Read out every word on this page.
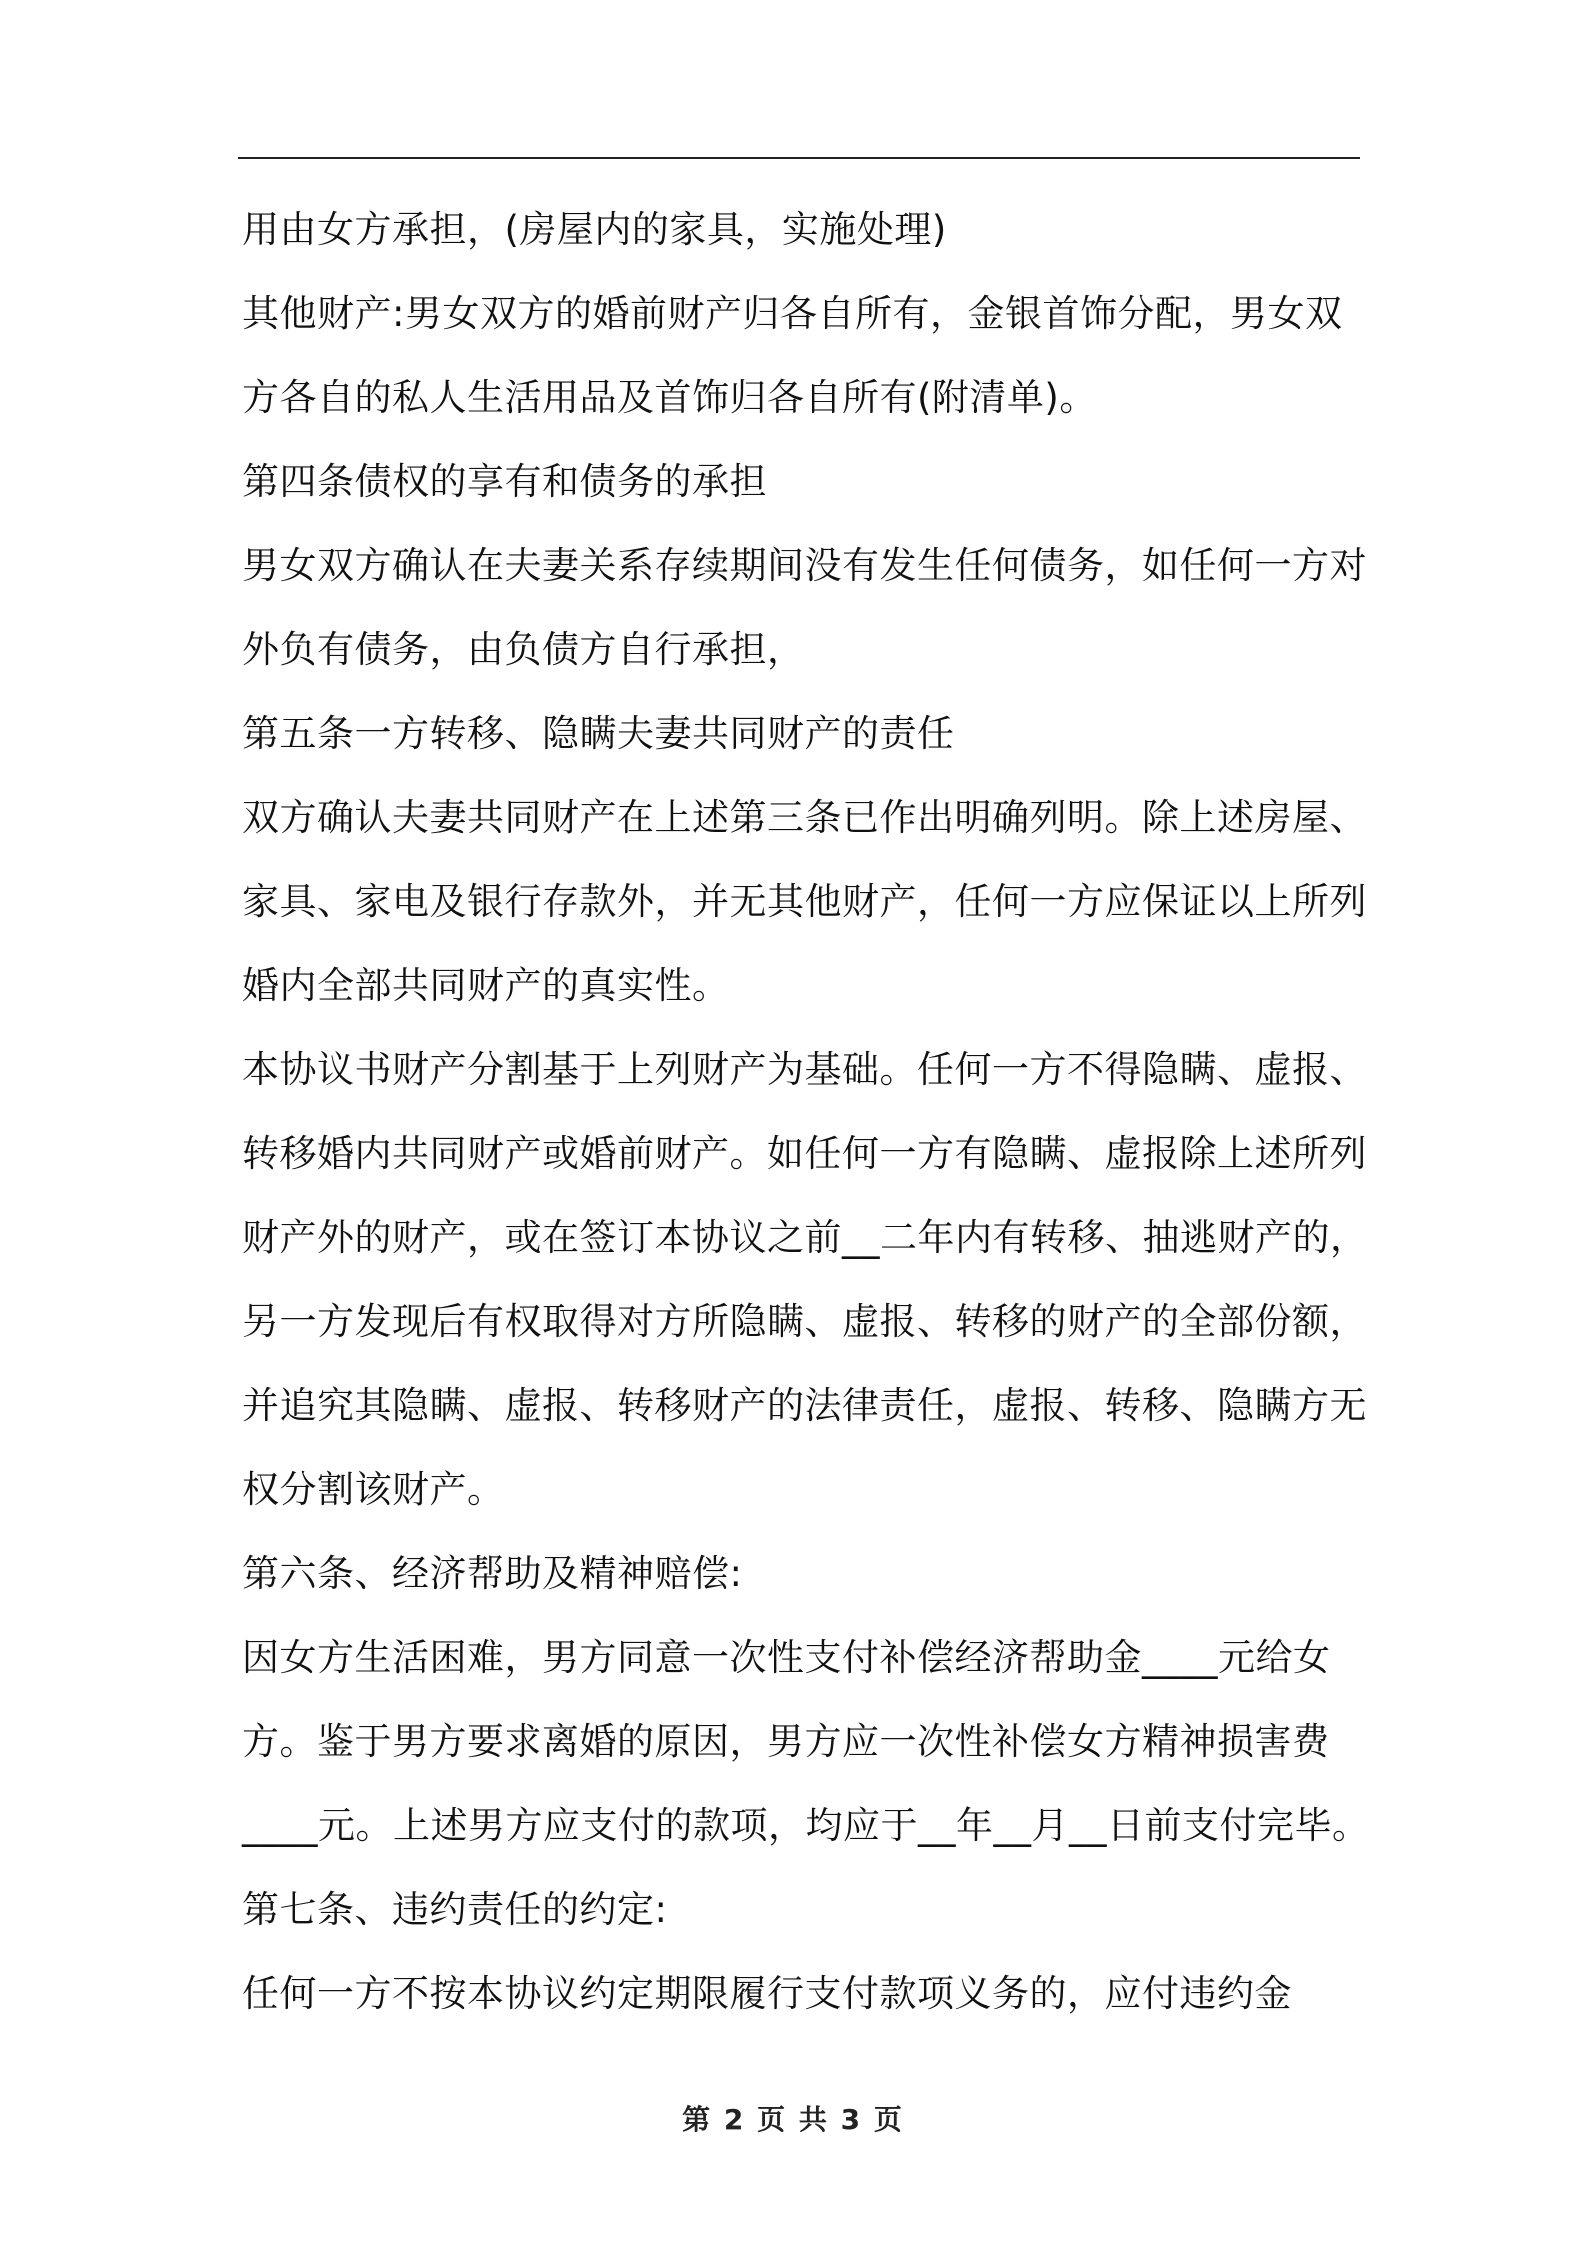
用由女方承担，(房屋内的家具，实施处理)
其他财产:男女双方的婚前财产归各自所有，金银首饰分配，男女双
方各自的私人生活用品及首饰归各自所有(附清单)。
第四条债权的享有和债务的承担
男女双方确认在夫妻关系存续期间没有发生任何债务，如任何一方对
外负有债务，由负债方自行承担，
第五条一方转移、隐瞒夫妻共同财产的责任
双方确认夫妻共同财产在上述第三条已作出明确列明。除上述房屋、
家具、家电及银行存款外，并无其他财产，任何一方应保证以上所列
婚内全部共同财产的真实性。
本协议书财产分割基于上列财产为基础。任何一方不得隐瞒、虚报、
转移婚内共同财产或婚前财产。如任何一方有隐瞒、虚报除上述所列
财产外的财产，或在签订本协议之前__二年内有转移、抽逃财产的，
另一方发现后有权取得对方所隐瞒、虚报、转移的财产的全部份额，
并追究其隐瞒、虚报、转移财产的法律责任，虚报、转移、隐瞒方无
权分割该财产。
第六条、经济帮助及精神赔偿:
因女方生活困难，男方同意一次性支付补偿经济帮助金____元给女
方。鉴于男方要求离婚的原因，男方应一次性补偿女方精神损害费
____元。上述男方应支付的款项，均应于__年__月__日前支付完毕。
第七条、违约责任的约定:
任何一方不按本协议约定期限履行支付款项义务的，应付违约金
第 2 页 共 3 页
